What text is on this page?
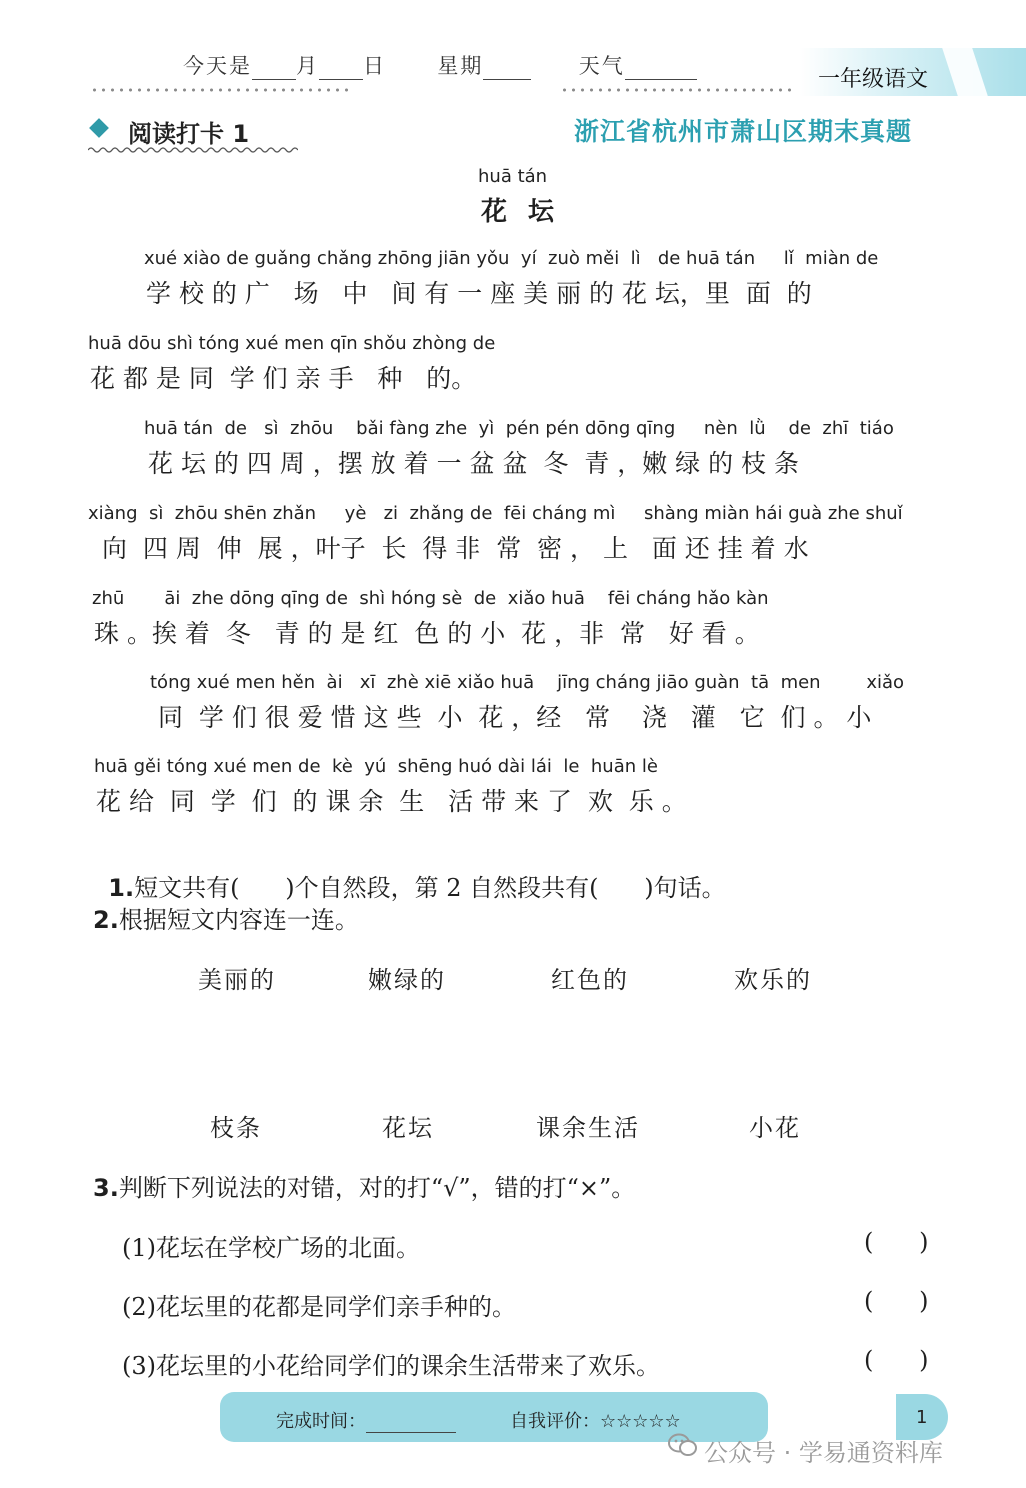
今天是 月 日 星期	天气
一年级语文
阅读打卡 1	浙江省杭州市萧山区期末真题
huā tán
花 坛
xué xiào de guǎng chǎng zhōng jiān yǒu  yí  zuò měi  lì   de huā tán     lǐ  miàn de
学 校 的 广   场   中   间 有 一 座 美 丽 的 花 坛，里  面  的
huā dōu shì tóng xué men qīn shǒu zhòng de
花 都 是 同  学 们 亲 手   种   的。
huā tán  de   sì  zhōu    bǎi fàng zhe  yì  pén pén dōng qīng     nèn  lǜ    de  zhī  tiáo
花 坛 的 四 周 ，摆 放 着 一 盆 盆  冬  青 ，嫩 绿 的 枝 条
xiàng  sì  zhōu shēn zhǎn     yè   zi  zhǎng de  fēi cháng mì     shàng miàn hái guà zhe shuǐ
向  四 周  伸  展 ，叶子  长  得 非  常  密 ， 上   面 还 挂 着 水
zhū       āi  zhe dōng qīng de  shì hóng sè  de  xiǎo huā    fēi cháng hǎo kàn
珠 。挨 着  冬   青 的 是 红  色 的 小  花 ，非  常   好 看 。
tóng xué men hěn  ài   xī  zhè xiē xiǎo huā    jīng cháng jiāo guàn  tā  men        xiǎo
同  学 们 很 爱 惜 这 些  小  花 ，经   常    浇   灌   它  们 。 小
huā gěi tóng xué men de  kè  yú  shēng huó dài lái  le  huān lè
花 给  同  学  们  的 课 余  生   活 带 来 了  欢  乐 。

1.短文共有(      )个自然段，第 2 自然段共有(      )句话。

2.根据短文内容连一连。
美丽的	嫩绿的	红色的	欢乐的
枝条	花坛	课余生活	小花
3.判断下列说法的对错，对的打“√”，错的打“×”。
(1)花坛在学校广场的北面。	(      )
(2)花坛里的花都是同学们亲手种的。	(      )
(3)花坛里的小花给同学们的课余生活带来了欢乐。	(      )
完成时间：	自我评价：☆☆☆☆☆	1
公众号 · 学易通资料库
